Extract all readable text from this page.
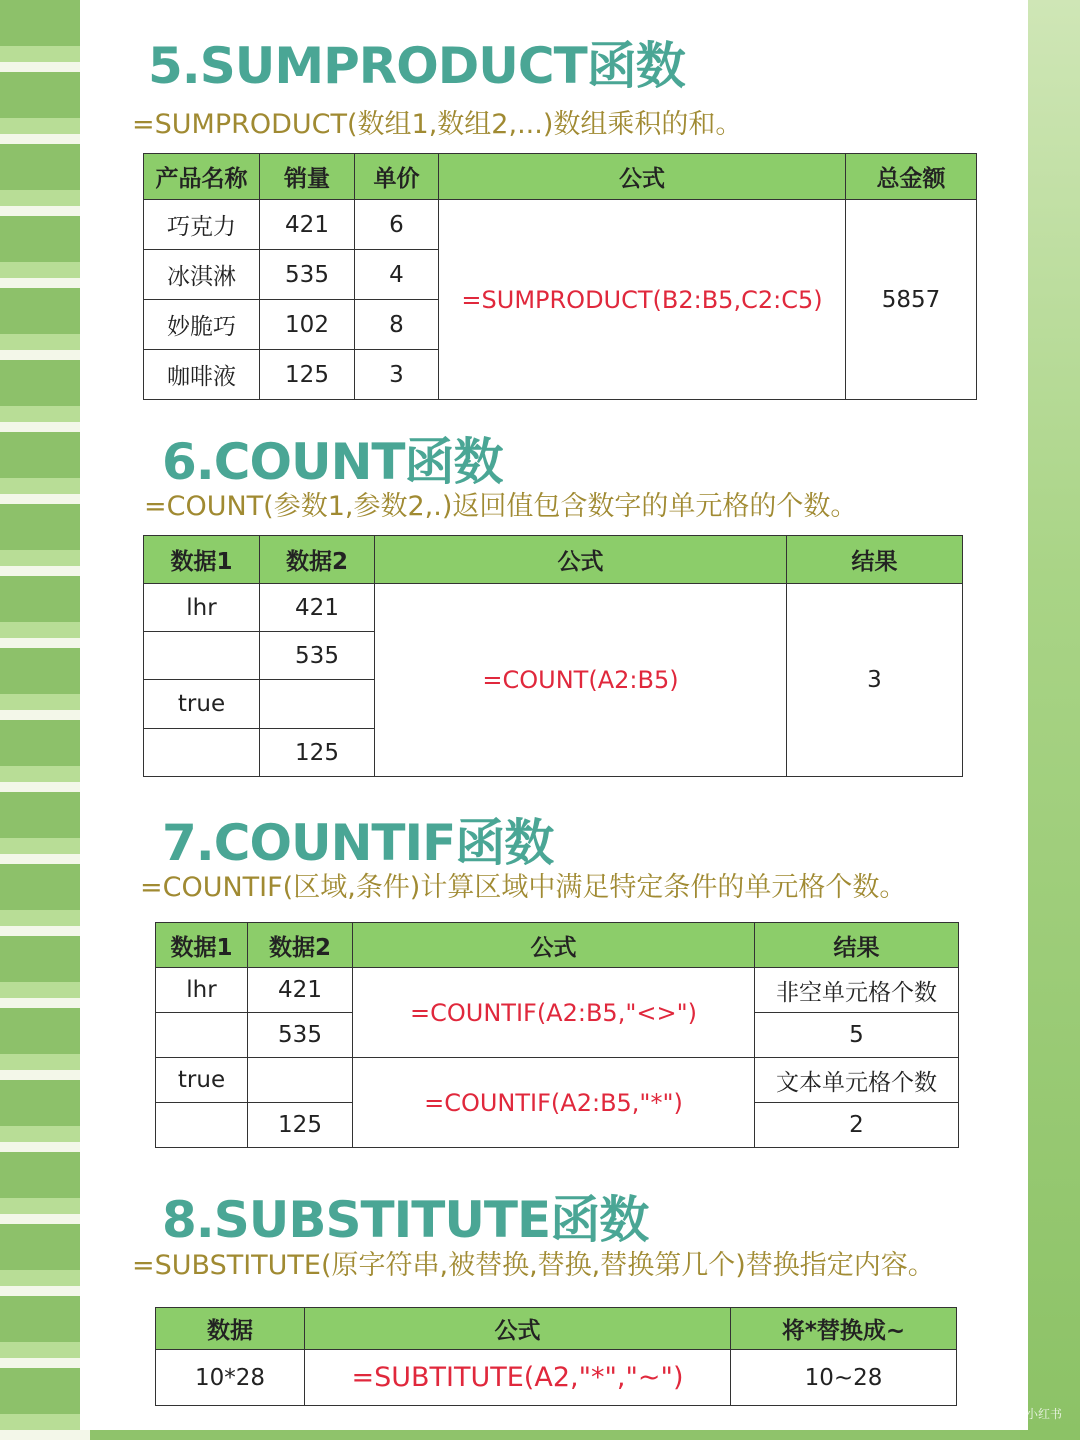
5.SUMPRODUCT函数
=SUMPRODUCT(数组1,数组2,...)数组乘积的和。
产品名称	销量	单价	公式	总金额
巧克力	421	6	=SUMPRODUCT(B2:B5,C2:C5)	5857
冰淇淋	535	4		
妙脆巧	102	8		
咖啡液	125	3		
6.COUNT函数
=COUNT(参数1,参数2,.)返回值包含数字的单元格的个数。
数据1	数据2	公式	结果
lhr	421	=COUNT(A2:B5)	3
	535		
true			
	125		
7.COUNTIF函数
=COUNTIF(区域,条件)计算区域中满足特定条件的单元格个数。
数据1	数据2	公式	结果
lhr	421	=COUNTIF(A2:B5,"<>")	非空单元格个数
	535		5
true		=COUNTIF(A2:B5,"*")	文本单元格个数
	125		2
8.SUBSTITUTE函数
=SUBSTITUTE(原字符串,被替换,替换,替换第几个)替换指定内容。
数据	公式	将*替换成~
10*28	=SUBTITUTE(A2,"*","~")	10~28
小红书
